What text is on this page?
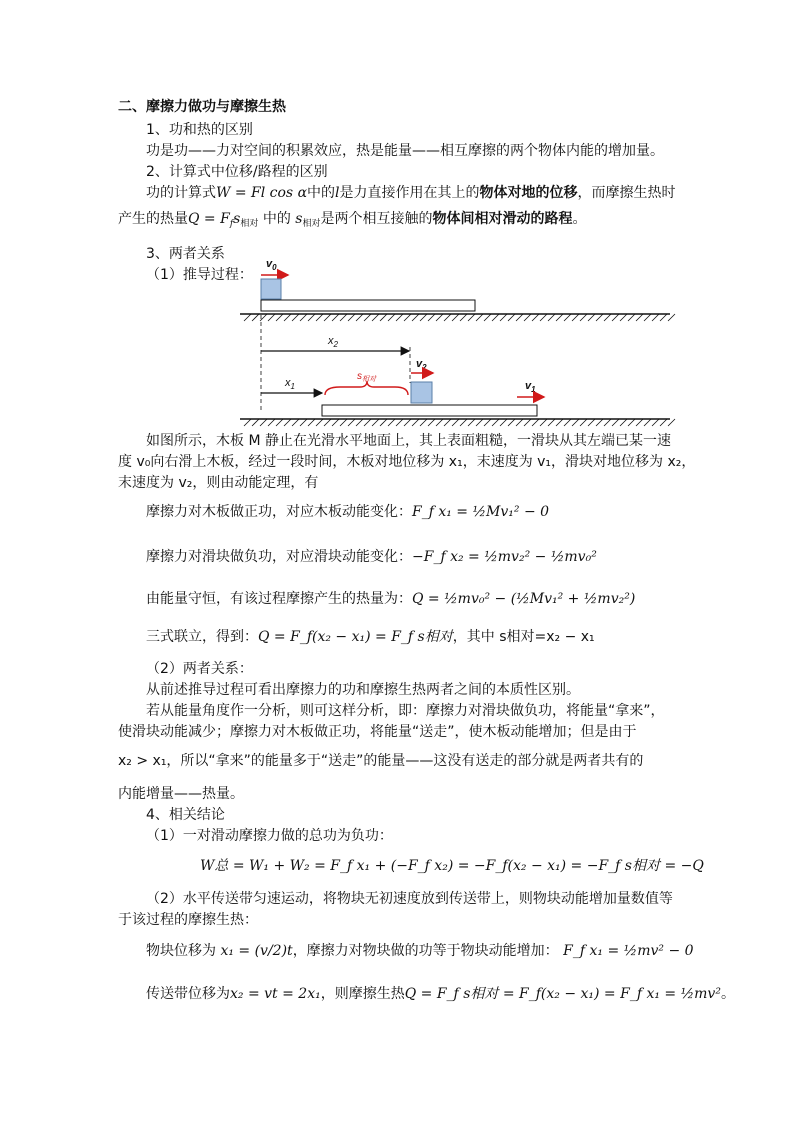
二、摩擦力做功与摩擦生热
1、功和热的区别
功是功——力对空间的积累效应，热是能量——相互摩擦的两个物体内能的增加量。
2、计算式中位移/路程的区别
功的计算式W = Fl cos α中的l是力直接作用在其上的物体对地的位移，而摩擦生热时
产生的热量$Q = F_fs_{相对}$ 中的 $s_{相对}$是两个相互接触的物体间相对滑动的路程。
3、两者关系
（1）推导过程：
$v_0$
$x_2$
$x_1$
$s_{相对}$
$v_2$
$v_1$
如图所示，木板 M 静止在光滑水平地面上，其上表面粗糙，一滑块从其左端已某一速
度 v₀向右滑上木板，经过一段时间，木板对地位移为 x₁，末速度为 v₁，滑块对地位移为 x₂，
末速度为 v₂，则由动能定理，有
摩擦力对木板做正功，对应木板动能变化：F_f x₁ = ½Mv₁² − 0
摩擦力对滑块做负功，对应滑块动能变化：−F_f x₂ = ½mv₂² − ½mv₀²
由能量守恒，有该过程摩擦产生的热量为：Q = ½mv₀² − (½Mv₁² + ½mv₂²)
三式联立，得到：Q = F_f(x₂ − x₁) = F_f s相对，其中 s相对=x₂ − x₁
（2）两者关系：
从前述推导过程可看出摩擦力的功和摩擦生热两者之间的本质性区别。
若从能量角度作一分析，则可这样分析，即：摩擦力对滑块做负功，将能量“拿来”，
使滑块动能减少；摩擦力对木板做正功，将能量“送走”，使木板动能增加；但是由于
x₂ > x₁，所以“拿来”的能量多于“送走”的能量——这没有送走的部分就是两者共有的
内能增量——热量。
4、相关结论
（1）一对滑动摩擦力做的总功为负功：
W总 = W₁ + W₂ = F_f x₁ + (−F_f x₂) = −F_f(x₂ − x₁) = −F_f s相对 = −Q
（2）水平传送带匀速运动，将物块无初速度放到传送带上，则物块动能增加量数值等
于该过程的摩擦生热：
物块位移为 x₁ = (v/2)t，摩擦力对物块做的功等于物块动能增加： F_f x₁ = ½mv² − 0
传送带位移为x₂ = vt = 2x₁，则摩擦生热Q = F_f s相对 = F_f(x₂ − x₁) = F_f x₁ = ½mv²。
